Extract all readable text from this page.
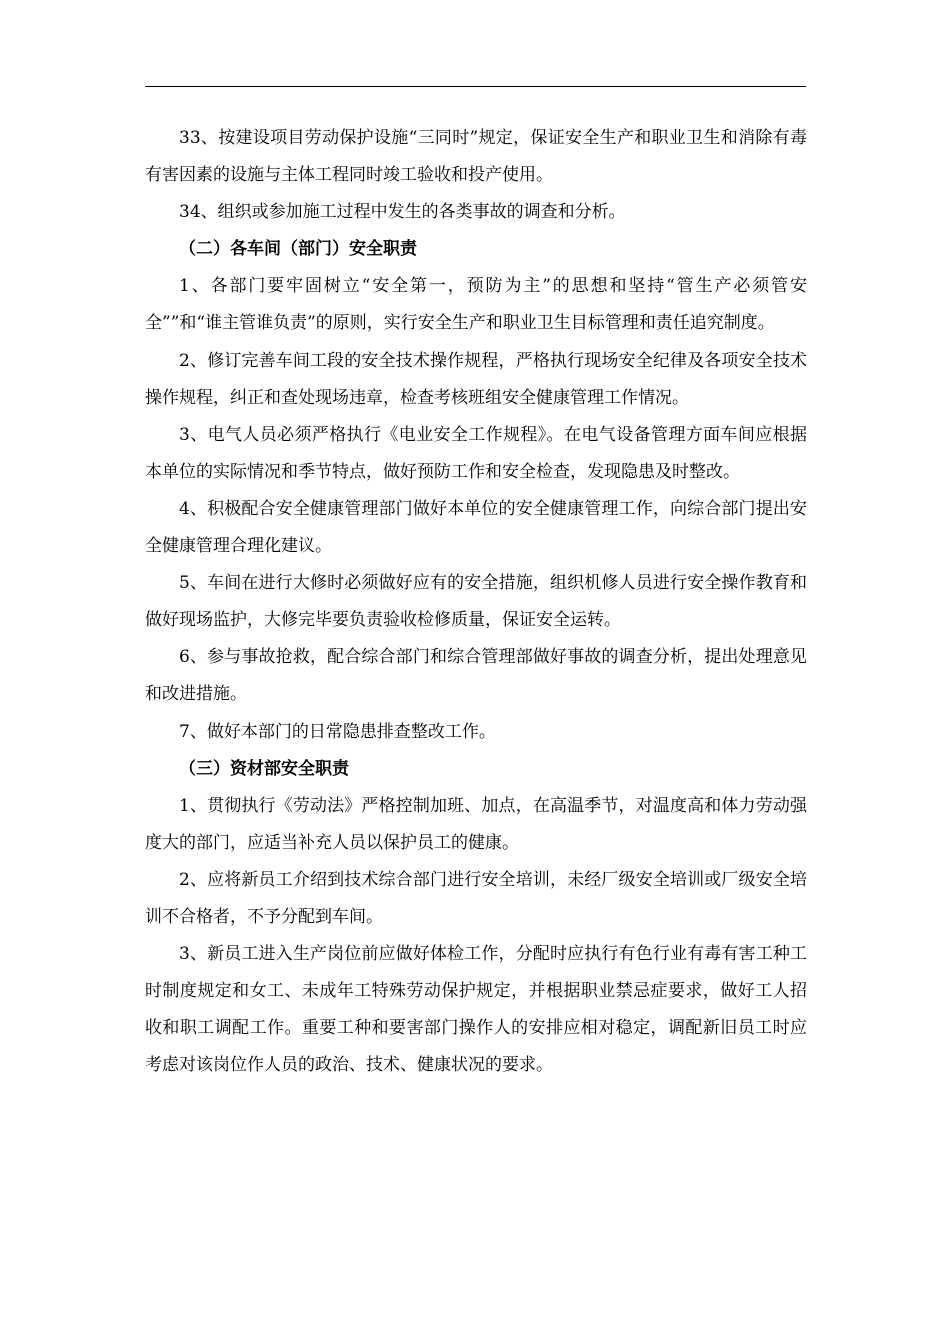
33、按建设项目劳动保护设施“三同时”规定，保证安全生产和职业卫生和消除有毒有害因素的设施与主体工程同时竣工验收和投产使用。

34、组织或参加施工过程中发生的各类事故的调查和分析。

（二）各车间（部门）安全职责

1、各部门要牢固树立“安全第一，预防为主”的思想和坚持“管生产必须管安全””和“谁主管谁负责”的原则，实行安全生产和职业卫生目标管理和责任追究制度。

2、修订完善车间工段的安全技术操作规程，严格执行现场安全纪律及各项安全技术操作规程，纠正和查处现场违章，检查考核班组安全健康管理工作情况。

3、电气人员必须严格执行《电业安全工作规程》。在电气设备管理方面车间应根据本单位的实际情况和季节特点，做好预防工作和安全检查，发现隐患及时整改。

4、积极配合安全健康管理部门做好本单位的安全健康管理工作，向综合部门提出安全健康管理合理化建议。

5、车间在进行大修时必须做好应有的安全措施，组织机修人员进行安全操作教育和做好现场监护，大修完毕要负责验收检修质量，保证安全运转。

6、参与事故抢救，配合综合部门和综合管理部做好事故的调查分析，提出处理意见和改进措施。

7、做好本部门的日常隐患排查整改工作。

（三）资材部安全职责

1、贯彻执行《劳动法》严格控制加班、加点，在高温季节，对温度高和体力劳动强度大的部门，应适当补充人员以保护员工的健康。

2、应将新员工介绍到技术综合部门进行安全培训，未经厂级安全培训或厂级安全培训不合格者，不予分配到车间。

3、新员工进入生产岗位前应做好体检工作，分配时应执行有色行业有毒有害工种工时制度规定和女工、未成年工特殊劳动保护规定，并根据职业禁忌症要求，做好工人招收和职工调配工作。重要工种和要害部门操作人的安排应相对稳定，调配新旧员工时应考虑对该岗位作人员的政治、技术、健康状况的要求。
